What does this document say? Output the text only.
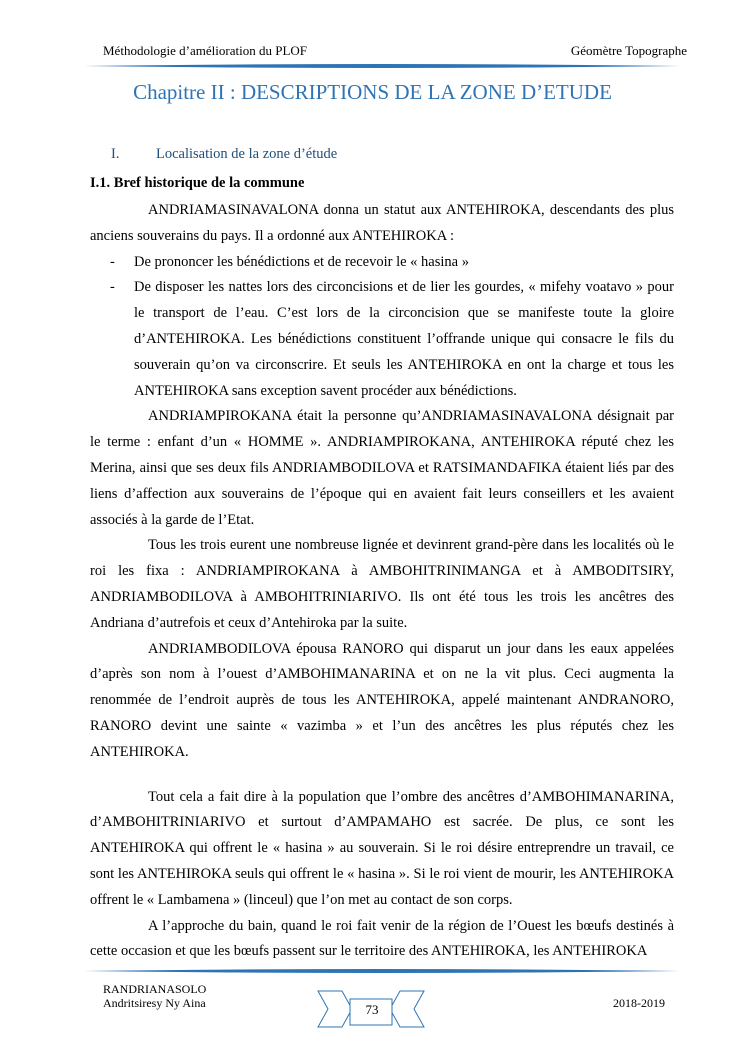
Méthodologie d’amélioration du PLOF	Géomètre Topographe
Chapitre II : DESCRIPTIONS DE LA ZONE D’ETUDE
I.	Localisation de la zone d’étude
I.1. Bref historique de la commune

ANDRIAMASINAVALONA donna un statut aux ANTEHIROKA, descendants des plus anciens souverains du pays. Il a ordonné aux ANTEHIROKA :

- De prononcer les bénédictions et de recevoir le « hasina »
- De disposer les nattes lors des circoncisions et de lier les gourdes, « mifehy voatavo » pour le transport de l’eau. C’est lors de la circoncision que se manifeste toute la gloire d’ANTEHIROKA. Les bénédictions constituent l’offrande unique qui consacre le fils du souverain qu’on va circonscrire. Et seuls les ANTEHIROKA en ont la charge et tous les ANTEHIROKA sans exception savent procéder aux bénédictions.

ANDRIAMPIROKANA était la personne qu’ANDRIAMASINAVALONA désignait par le terme : enfant d’un « HOMME ». ANDRIAMPIROKANA, ANTEHIROKA réputé chez les Merina, ainsi que ses deux fils ANDRIAMBODILOVA et RATSIMANDAFIKA étaient liés par des liens d’affection aux souverains de l’époque qui en avaient fait leurs conseillers et les avaient associés à la garde de l’Etat.

Tous les trois eurent une nombreuse lignée et devinrent grand-père dans les localités où le roi les fixa : ANDRIAMPIROKANA à AMBOHITRINIMANGA et à AMBODITSIRY, ANDRIAMBODILOVA à AMBOHITRINIARIVO. Ils ont été tous les trois les ancêtres des Andriana d’autrefois et ceux d’Antehiroka par la suite.

ANDRIAMBODILOVA épousa RANORO qui disparut un jour dans les eaux appelées d’après son nom à l’ouest d’AMBOHIMANARINA et on ne la vit plus. Ceci augmenta la renommée de l’endroit auprès de tous les ANTEHIROKA, appelé maintenant ANDRANORO, RANORO devint une sainte « vazimba » et l’un des ancêtres les plus réputés chez les ANTEHIROKA.

Tout cela a fait dire à la population que l’ombre des ancêtres d’AMBOHIMANARINA, d’AMBOHITRINIARIVO et surtout d’AMPAMAHO est sacrée. De plus, ce sont les ANTEHIROKA qui offrent le « hasina » au souverain. Si le roi désire entreprendre un travail, ce sont les ANTEHIROKA seuls qui offrent le « hasina ». Si le roi vient de mourir, les ANTEHIROKA offrent le « Lambamena » (linceul) que l’on met au contact de son corps.

A l’approche du bain, quand le roi fait venir de la région de l’Ouest les bœufs destinés à cette occasion et que les bœufs passent sur le territoire des ANTEHIROKA, les ANTEHIROKA

RANDRIANASOLO
Andritsiresy Ny Aina	73	2018-2019
